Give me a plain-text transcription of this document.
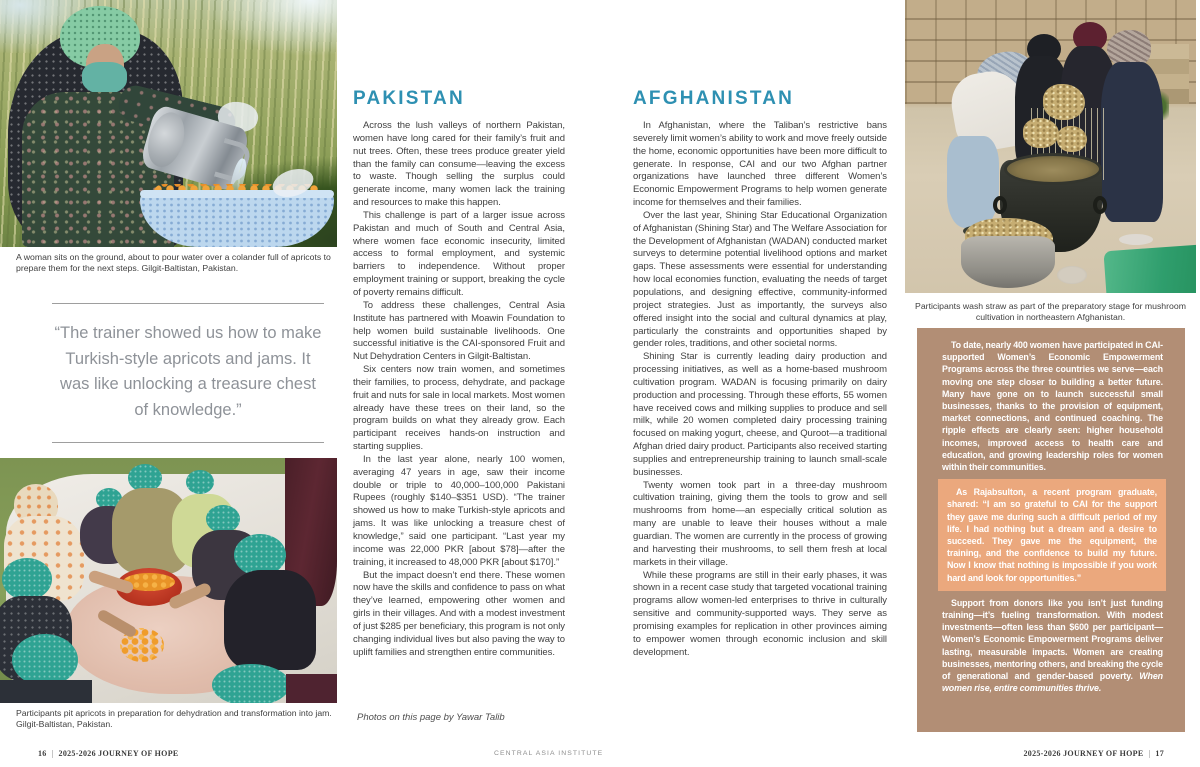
A woman sits on the ground, about to pour water over a colander full of apricots to prepare them for the next steps. Gilgit-Baltistan, Pakistan.

“The trainer showed us how to make Turkish-style apricots and jams. It was like unlocking a treasure chest of knowledge.”

Participants pit apricots in preparation for dehydration and transformation into jam. Gilgit-Baltistan, Pakistan.

PAKISTAN

Across the lush valleys of northern Pakistan, women have long cared for their family’s fruit and nut trees. Often, these trees produce greater yield than the family can consume—leaving the excess to waste. Though selling the surplus could generate income, many women lack the training and resources to make this happen.

This challenge is part of a larger issue across Pakistan and much of South and Central Asia, where women face economic insecurity, limited access to formal employment, and systemic barriers to independence. Without proper employment training or support, breaking the cycle of poverty remains difficult.

To address these challenges, Central Asia Institute has partnered with Moawin Foundation to help women build sustainable livelihoods. One successful initiative is the CAI-sponsored Fruit and Nut Dehydration Centers in Gilgit-Baltistan.

Six centers now train women, and sometimes their families, to process, dehydrate, and package fruit and nuts for sale in local markets. Most women already have these trees on their land, so the program builds on what they already grow. Each participant receives hands-on instruction and starting supplies.

In the last year alone, nearly 100 women, averaging 47 years in age, saw their income double or triple to 40,000–100,000 Pakistani Rupees (roughly $140–$351 USD). “The trainer showed us how to make Turkish-style apricots and jams. It was like unlocking a treasure chest of knowledge,” said one participant. “Last year my income was 22,000 PKR [about $78]—after the training, it increased to 48,000 PKR [about $170].”

But the impact doesn’t end there. These women now have the skills and confidence to pass on what they’ve learned, empowering other women and girls in their villages. And with a modest investment of just $285 per beneficiary, this program is not only changing individual lives but also paving the way to uplift families and strengthen entire communities.

AFGHANISTAN

In Afghanistan, where the Taliban’s restrictive bans severely limit women’s ability to work and move freely outside the home, economic opportunities have been more difficult to generate. In response, CAI and our two Afghan partner organizations have launched three different Women’s Economic Empowerment Programs to help women generate income for themselves and their families.

Over the last year, Shining Star Educational Organization of Afghanistan (Shining Star) and The Welfare Association for the Development of Afghanistan (WADAN) conducted market surveys to determine potential livelihood options and market gaps. These assessments were essential for understanding how local economies function, evaluating the needs of target populations, and designing effective, community-informed project strategies. Just as importantly, the surveys also offered insight into the social and cultural dynamics at play, particularly the constraints and opportunities shaped by gender roles, traditions, and other societal norms.

Shining Star is currently leading dairy production and processing initiatives, as well as a home-based mushroom cultivation program. WADAN is focusing primarily on dairy production and processing. Through these efforts, 55 women have received cows and milking supplies to produce and sell milk, while 20 women completed dairy processing training focused on making yogurt, cheese, and Quroot—a traditional Afghan dried dairy product. Participants also received starting supplies and entrepreneurship training to launch small-scale businesses.

Twenty women took part in a three-day mushroom cultivation training, giving them the tools to grow and sell mushrooms from home—an especially critical solution as many are unable to leave their houses without a male guardian. The women are currently in the process of growing and harvesting their mushrooms, to sell them fresh at local markets in their village.

While these programs are still in their early phases, it was shown in a recent case study that targeted vocational training programs allow women-led enterprises to thrive in culturally sensitive and community-supported ways. They serve as promising examples for replication in other provinces aiming to empower women through economic inclusion and skill development.

Photos on this page by Yawar Talib

Participants wash straw as part of the preparatory stage for mushroom cultivation in northeastern Afghanistan.

To date, nearly 400 women have participated in CAI-supported Women’s Economic Empowerment Programs across the three countries we serve—each moving one step closer to building a better future. Many have gone on to launch successful small businesses, thanks to the provision of equipment, market connections, and continued coaching. The ripple effects are clearly seen: higher household incomes, improved access to health care and education, and growing leadership roles for women within their communities.

As Rajabsulton, a recent program graduate, shared: “I am so grateful to CAI for the support they gave me during such a difficult period of my life. I had nothing but a dream and a desire to succeed. They gave me the equipment, the training, and the confidence to build my future. Now I know that nothing is impossible if you work hard and look for opportunities.”

Support from donors like you isn’t just funding training—it’s fueling transformation. With modest investments—often less than $600 per participant—Women’s Economic Empowerment Programs deliver lasting, measurable impacts. Women are creating businesses, mentoring others, and breaking the cycle of generational and gender-based poverty. When women rise, entire communities thrive.

16 | 2025-2026 JOURNEY OF HOPE	CENTRAL ASIA INSTITUTE	2025-2026 JOURNEY OF HOPE | 17
